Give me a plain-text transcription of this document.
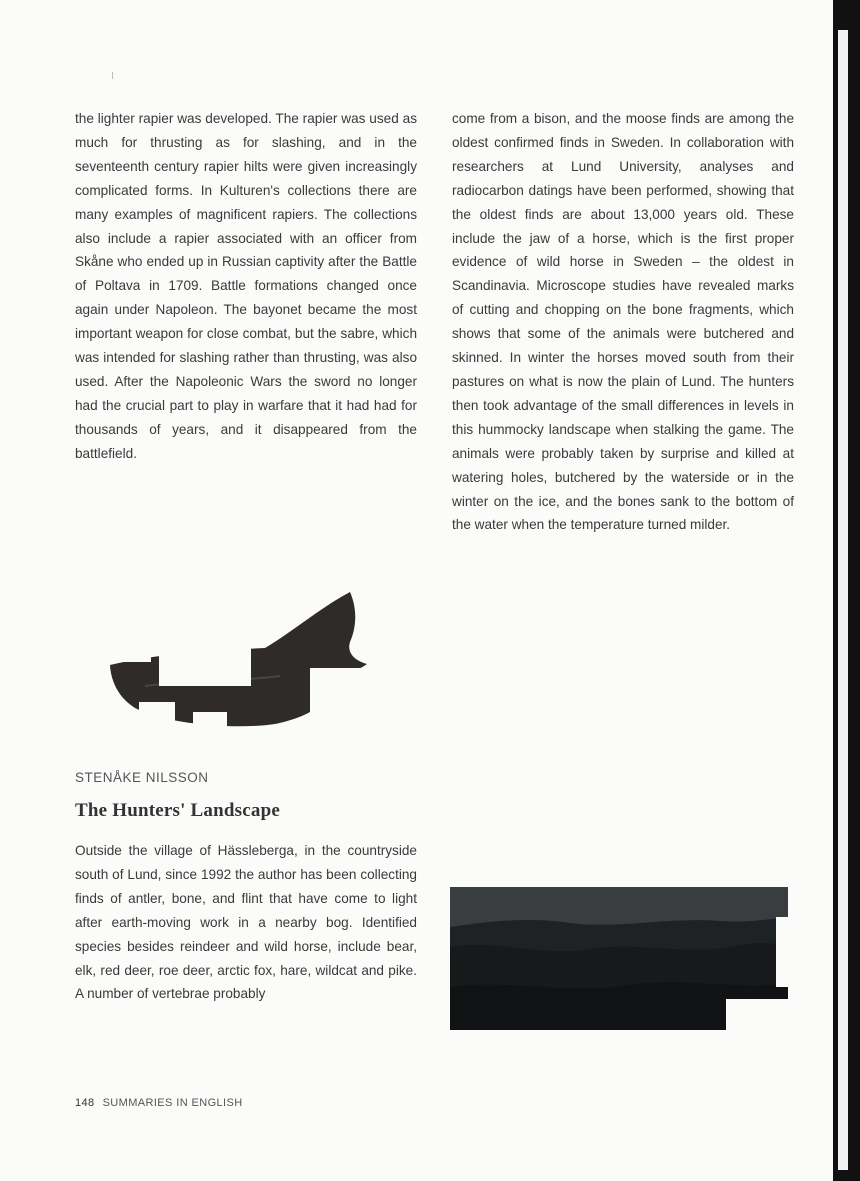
the lighter rapier was developed. The rapier was used as much for thrusting as for slashing, and in the seventeenth century rapier hilts were given increasingly complicated forms. In Kulturen's collections there are many examples of magnificent rapiers. The collections also include a rapier associated with an officer from Skåne who ended up in Russian captivity after the Battle of Poltava in 1709. Battle formations changed once again under Napoleon. The bayonet became the most important weapon for close combat, but the sabre, which was intended for slashing rather than thrusting, was also used. After the Napoleonic Wars the sword no longer had the crucial part to play in warfare that it had had for thousands of years, and it disappeared from the battlefield.
come from a bison, and the moose finds are among the oldest confirmed finds in Sweden. In collaboration with researchers at Lund University, analyses and radiocarbon datings have been performed, showing that the oldest finds are about 13,000 years old. These include the jaw of a horse, which is the first proper evidence of wild horse in Sweden – the oldest in Scandinavia. Microscope studies have revealed marks of cutting and chopping on the bone fragments, which shows that some of the animals were butchered and skinned. In winter the horses moved south from their pastures on what is now the plain of Lund. The hunters then took advantage of the small differences in levels in this hummocky landscape when stalking the game. The animals were probably taken by surprise and killed at watering holes, butchered by the waterside or in the winter on the ice, and the bones sank to the bottom of the water when the temperature turned milder.
STENÅKE NILSSON
The Hunters' Landscape
Outside the village of Hässleberga, in the countryside south of Lund, since 1992 the author has been collecting finds of antler, bone, and flint that have come to light after earth-moving work in a nearby bog. Identified species besides reindeer and wild horse, include bear, elk, red deer, roe deer, arctic fox, hare, wildcat and pike. A number of vertebrae probably
148 SUMMARIES IN ENGLISH
